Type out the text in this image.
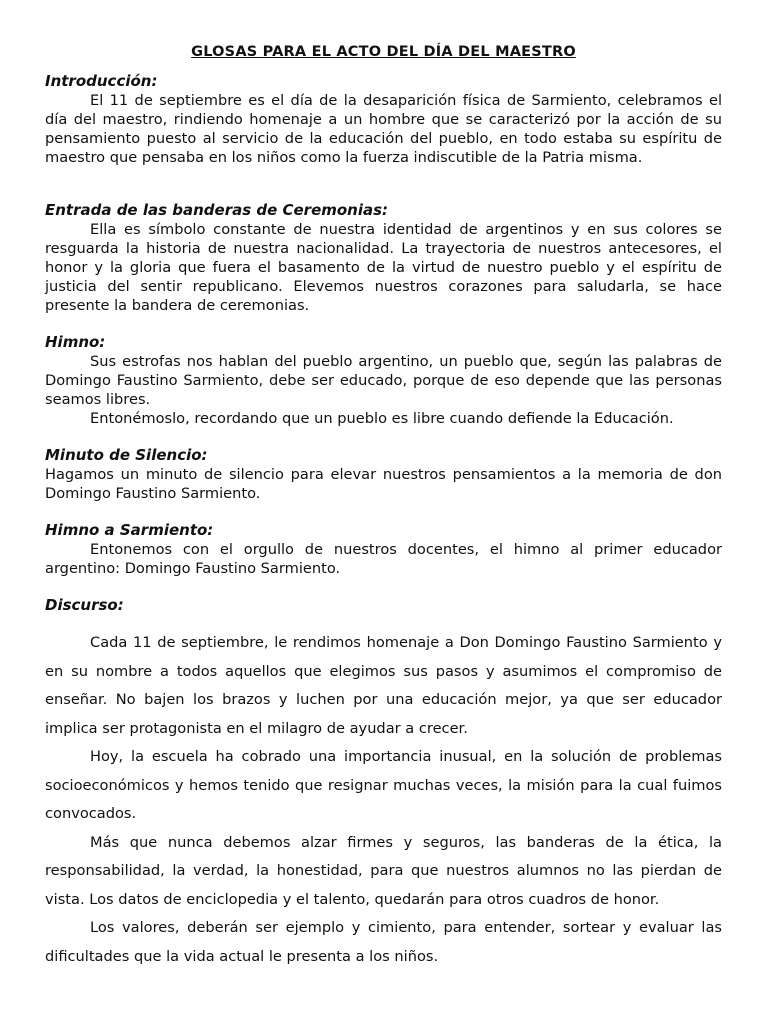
GLOSAS PARA EL ACTO DEL DÍA DEL MAESTRO
Introducción:

El 11 de septiembre es el día de la desaparición física de Sarmiento, celebramos el día del maestro, rindiendo homenaje a un hombre que se caracterizó por la acción de su pensamiento puesto al servicio de la educación del pueblo, en todo estaba su espíritu de maestro que pensaba en los niños como la fuerza indiscutible de la Patria misma.

Entrada de las banderas de Ceremonias:

Ella es símbolo constante de nuestra identidad de argentinos y en sus colores se resguarda la historia de nuestra nacionalidad. La trayectoria de nuestros antecesores, el honor y la gloria que fuera el basamento de la virtud de nuestro pueblo y el espíritu de justicia del sentir republicano. Elevemos nuestros corazones para saludarla, se hace presente la bandera de ceremonias.

Himno:

Sus estrofas nos hablan del pueblo argentino, un pueblo que, según las palabras de Domingo Faustino Sarmiento, debe ser educado, porque de eso depende que las personas seamos libres.

Entonémoslo, recordando que un pueblo es libre cuando defiende la Educación.

Minuto de Silencio:

Hagamos un minuto de silencio para elevar nuestros pensamientos a la memoria de don Domingo Faustino Sarmiento.

Himno a Sarmiento:

Entonemos con el orgullo de nuestros docentes, el himno al primer educador argentino: Domingo Faustino Sarmiento.

Discurso:

Cada 11 de septiembre, le rendimos homenaje a Don Domingo Faustino Sarmiento y en su nombre a todos aquellos que elegimos sus pasos y asumimos el compromiso de enseñar. No bajen los brazos y luchen por una educación mejor, ya que ser educador implica ser protagonista en el milagro de ayudar a crecer.

Hoy, la escuela ha cobrado una importancia inusual, en la solución de problemas socioeconómicos y hemos tenido que resignar muchas veces, la misión para la cual fuimos convocados.

Más que nunca debemos alzar firmes y seguros, las banderas de la ética, la responsabilidad, la verdad, la honestidad, para que nuestros alumnos no las pierdan de vista. Los datos de enciclopedia y el talento, quedarán para otros cuadros de honor.

Los valores, deberán ser ejemplo y cimiento, para entender, sortear y evaluar las dificultades que la vida actual le presenta a los niños.
